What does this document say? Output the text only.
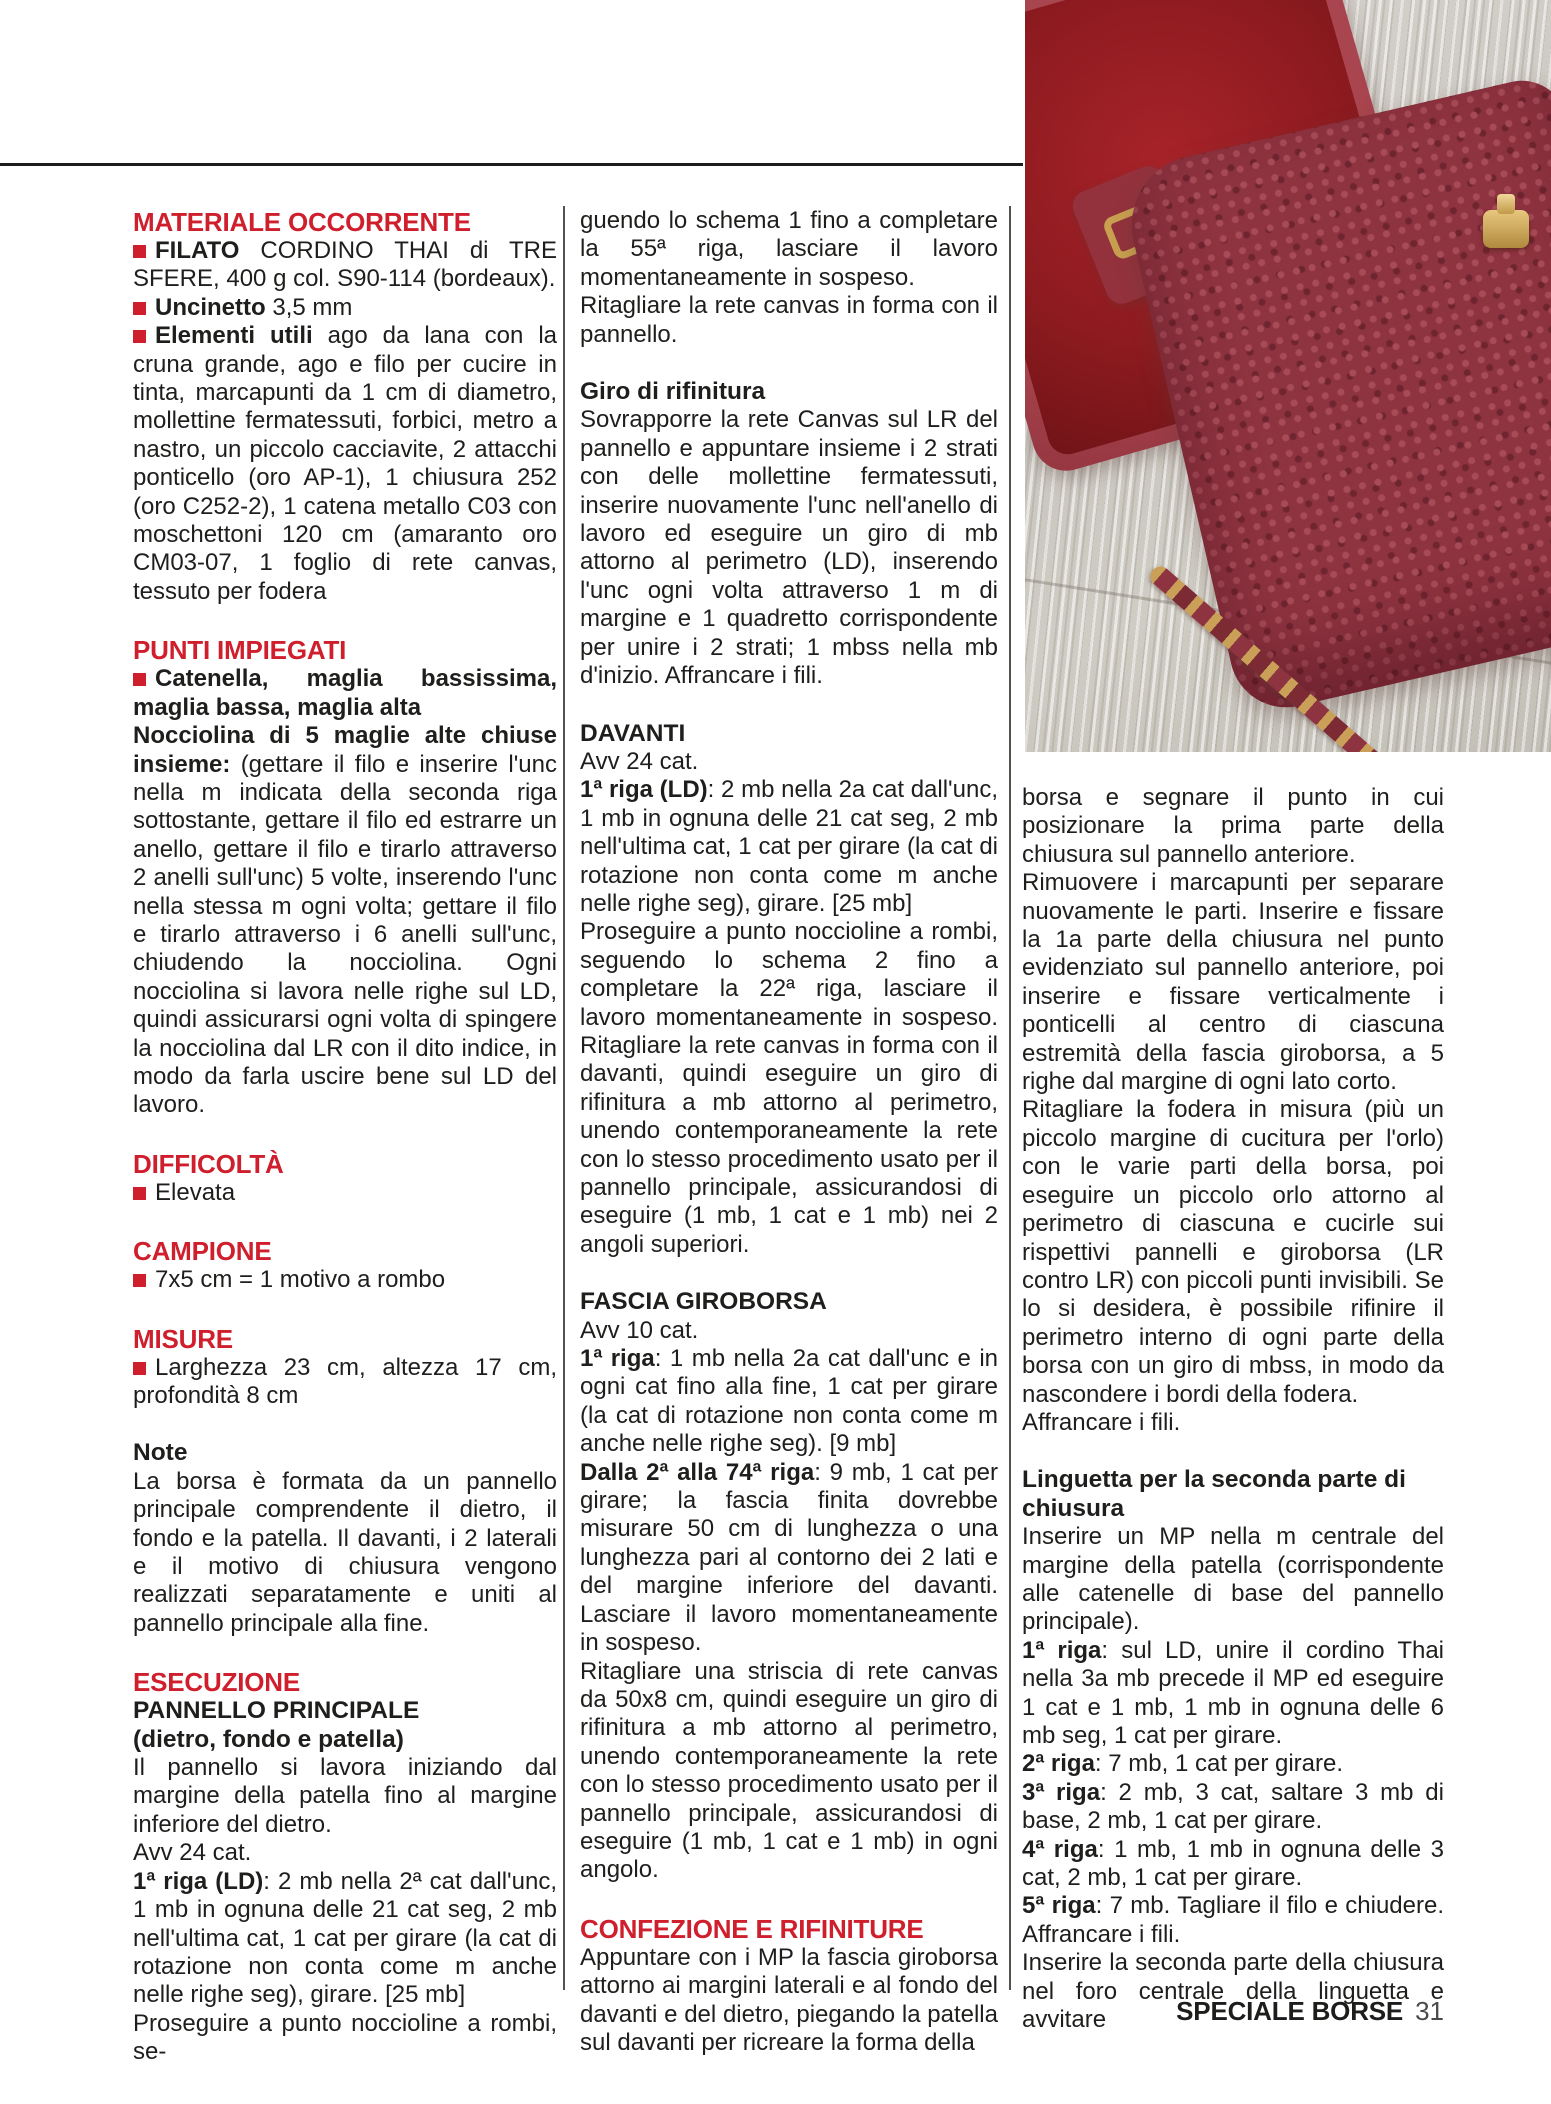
MATERIALE OCCORRENTE

FILATO CORDINO THAI di TRE SFERE, 400 g col. S90-114 (bordeaux).

Uncinetto 3,5 mm

Elementi utili ago da lana con la cruna grande, ago e filo per cucire in tinta, marcapunti da 1 cm di diametro, mollettine fermatessuti, forbici, metro a nastro, un piccolo cacciavite, 2 attacchi ponticello (oro AP-1), 1 chiusura 252 (oro C252-2), 1 catena metallo C03 con moschettoni 120 cm (amaranto oro CM03-07, 1 foglio di rete canvas, tessuto per fodera

PUNTI IMPIEGATI

Catenella, maglia bassissima, maglia bassa, maglia alta

Nocciolina di 5 maglie alte chiuse insieme: (gettare il filo e inserire l'unc nella m indicata della seconda riga sottostante, gettare il filo ed estrarre un anello, gettare il filo e tirarlo attraverso 2 anelli sull'unc) 5 volte, inserendo l'unc nella stessa m ogni volta; gettare il filo e tirarlo attraverso i 6 anelli sull'unc, chiudendo la nocciolina. Ogni nocciolina si lavora nelle righe sul LD, quindi assicurarsi ogni volta di spingere la nocciolina dal LR con il dito indice, in modo da farla uscire bene sul LD del lavoro.

DIFFICOLTÀ

Elevata

CAMPIONE

7x5 cm = 1 motivo a rombo

MISURE

Larghezza 23 cm, altezza 17 cm, profondità 8 cm

Note

La borsa è formata da un pannello principale comprendente il dietro, il fondo e la patella. Il davanti, i 2 laterali e il motivo di chiusura vengono realizzati separatamente e uniti al pannello principale alla fine.

ESECUZIONE
PANNELLO PRINCIPALE
(dietro, fondo e patella)

Il pannello si lavora iniziando dal margine della patella fino al margine inferiore del dietro.

Avv 24 cat.

1ª riga (LD): 2 mb nella 2ª cat dall'unc, 1 mb in ognuna delle 21 cat seg, 2 mb nell'ultima cat, 1 cat per girare (la cat di rotazione non conta come m anche nelle righe seg), girare. [25 mb]

Proseguire a punto noccioline a rombi, se-

guendo lo schema 1 fino a completare la 55ª riga, lasciare il lavoro momentaneamente in sospeso.

Ritagliare la rete canvas in forma con il pannello.

Giro di rifinitura

Sovrapporre la rete Canvas sul LR del pannello e appuntare insieme i 2 strati con delle mollettine fermatessuti, inserire nuovamente l'unc nell'anello di lavoro ed eseguire un giro di mb attorno al perimetro (LD), inserendo l'unc ogni volta attraverso 1 m di margine e 1 quadretto corrispondente per unire i 2 strati; 1 mbss nella mb d'inizio. Affrancare i fili.

DAVANTI

Avv 24 cat.

1ª riga (LD): 2 mb nella 2a cat dall'unc, 1 mb in ognuna delle 21 cat seg, 2 mb nell'ultima cat, 1 cat per girare (la cat di rotazione non conta come m anche nelle righe seg), girare. [25 mb]

Proseguire a punto noccioline a rombi, seguendo lo schema 2 fino a completare la 22ª riga, lasciare il lavoro momentaneamente in sospeso. Ritagliare la rete canvas in forma con il davanti, quindi eseguire un giro di rifinitura a mb attorno al perimetro, unendo contemporaneamente la rete con lo stesso procedimento usato per il pannello principale, assicurandosi di eseguire (1 mb, 1 cat e 1 mb) nei 2 angoli superiori.

FASCIA GIROBORSA

Avv 10 cat.

1ª riga: 1 mb nella 2a cat dall'unc e in ogni cat fino alla fine, 1 cat per girare (la cat di rotazione non conta come m anche nelle righe seg). [9 mb]

Dalla 2ª alla 74ª riga: 9 mb, 1 cat per girare; la fascia finita dovrebbe misurare 50 cm di lunghezza o una lunghezza pari al contorno dei 2 lati e del margine inferiore del davanti. Lasciare il lavoro momentaneamente in sospeso.

Ritagliare una striscia di rete canvas da 50x8 cm, quindi eseguire un giro di rifinitura a mb attorno al perimetro, unendo contemporaneamente la rete con lo stesso procedimento usato per il pannello principale, assicurandosi di eseguire (1 mb, 1 cat e 1 mb) in ogni angolo.

CONFEZIONE E RIFINITURE

Appuntare con i MP la fascia giroborsa attorno ai margini laterali e al fondo del davanti e del dietro, piegando la patella sul davanti per ricreare la forma della

borsa e segnare il punto in cui posizionare la prima parte della chiusura sul pannello anteriore.

Rimuovere i marcapunti per separare nuovamente le parti. Inserire e fissare la 1a parte della chiusura nel punto evidenziato sul pannello anteriore, poi inserire e fissare verticalmente i ponticelli al centro di ciascuna estremità della fascia giroborsa, a 5 righe dal margine di ogni lato corto.

Ritagliare la fodera in misura (più un piccolo margine di cucitura per l'orlo) con le varie parti della borsa, poi eseguire un piccolo orlo attorno al perimetro di ciascuna e cucirle sui rispettivi pannelli e giroborsa (LR contro LR) con piccoli punti invisibili. Se lo si desidera, è possibile rifinire il perimetro interno di ogni parte della borsa con un giro di mbss, in modo da nascondere i bordi della fodera.

Affrancare i fili.

Linguetta per la seconda parte di chiusura

Inserire un MP nella m centrale del margine della patella (corrispondente alle catenelle di base del pannello principale).

1ª riga: sul LD, unire il cordino Thai nella 3a mb precede il MP ed eseguire 1 cat e 1 mb, 1 mb in ognuna delle 6 mb seg, 1 cat per girare.

2ª riga: 7 mb, 1 cat per girare.

3ª riga: 2 mb, 3 cat, saltare 3 mb di base, 2 mb, 1 cat per girare.

4ª riga: 1 mb, 1 mb in ognuna delle 3 cat, 2 mb, 1 cat per girare.

5ª riga: 7 mb. Tagliare il filo e chiudere. Affrancare i fili.

Inserire la seconda parte della chiusura nel foro centrale della linguetta e avvitare	SPECIALE BORSE 31
